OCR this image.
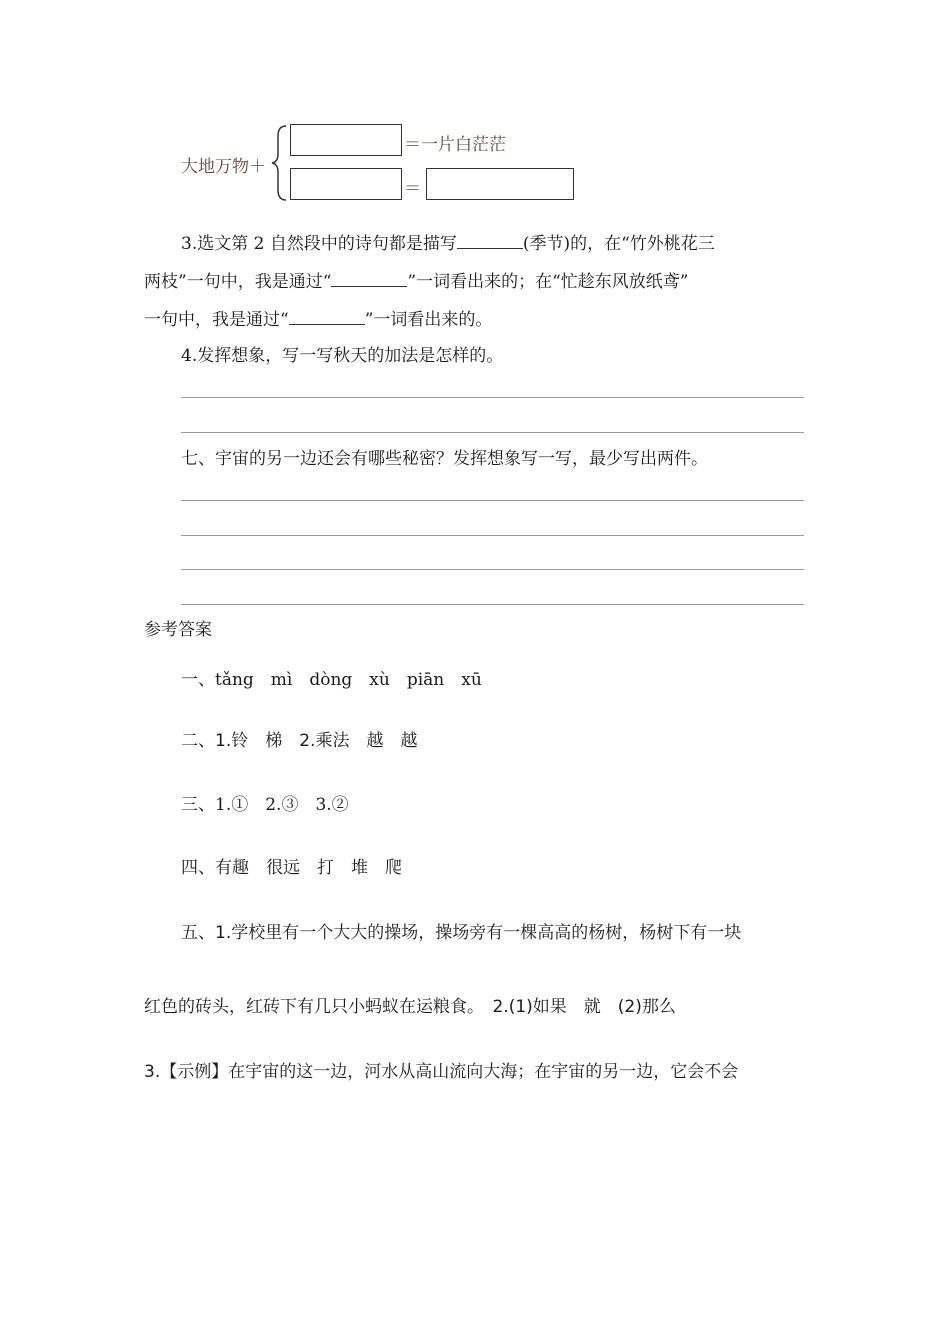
大地万物＋
＝一片白茫茫
＝
3.选文第 2 自然段中的诗句都是描写	(季节)的，在“竹外桃花三
两枝”一句中，我是通过“	”一词看出来的；在“忙趁东风放纸鸢”
一句中，我是通过“	”一词看出来的。
4.发挥想象，写一写秋天的加法是怎样的。
七、宇宙的另一边还会有哪些秘密？发挥想象写一写，最少写出两件。
参考答案
一、tǎng　mì　dòng　xù　piān　xū
二、1.铃　梯　2.乘法　越　越
三、1.①　2.③　3.②
四、有趣　很远　打　堆　爬
五、1.学校里有一个大大的操场，操场旁有一棵高高的杨树，杨树下有一块
红色的砖头，红砖下有几只小蚂蚁在运粮食。　2.(1)如果　就　(2)那么
3.【示例】在宇宙的这一边，河水从高山流向大海；在宇宙的另一边，它会不会
